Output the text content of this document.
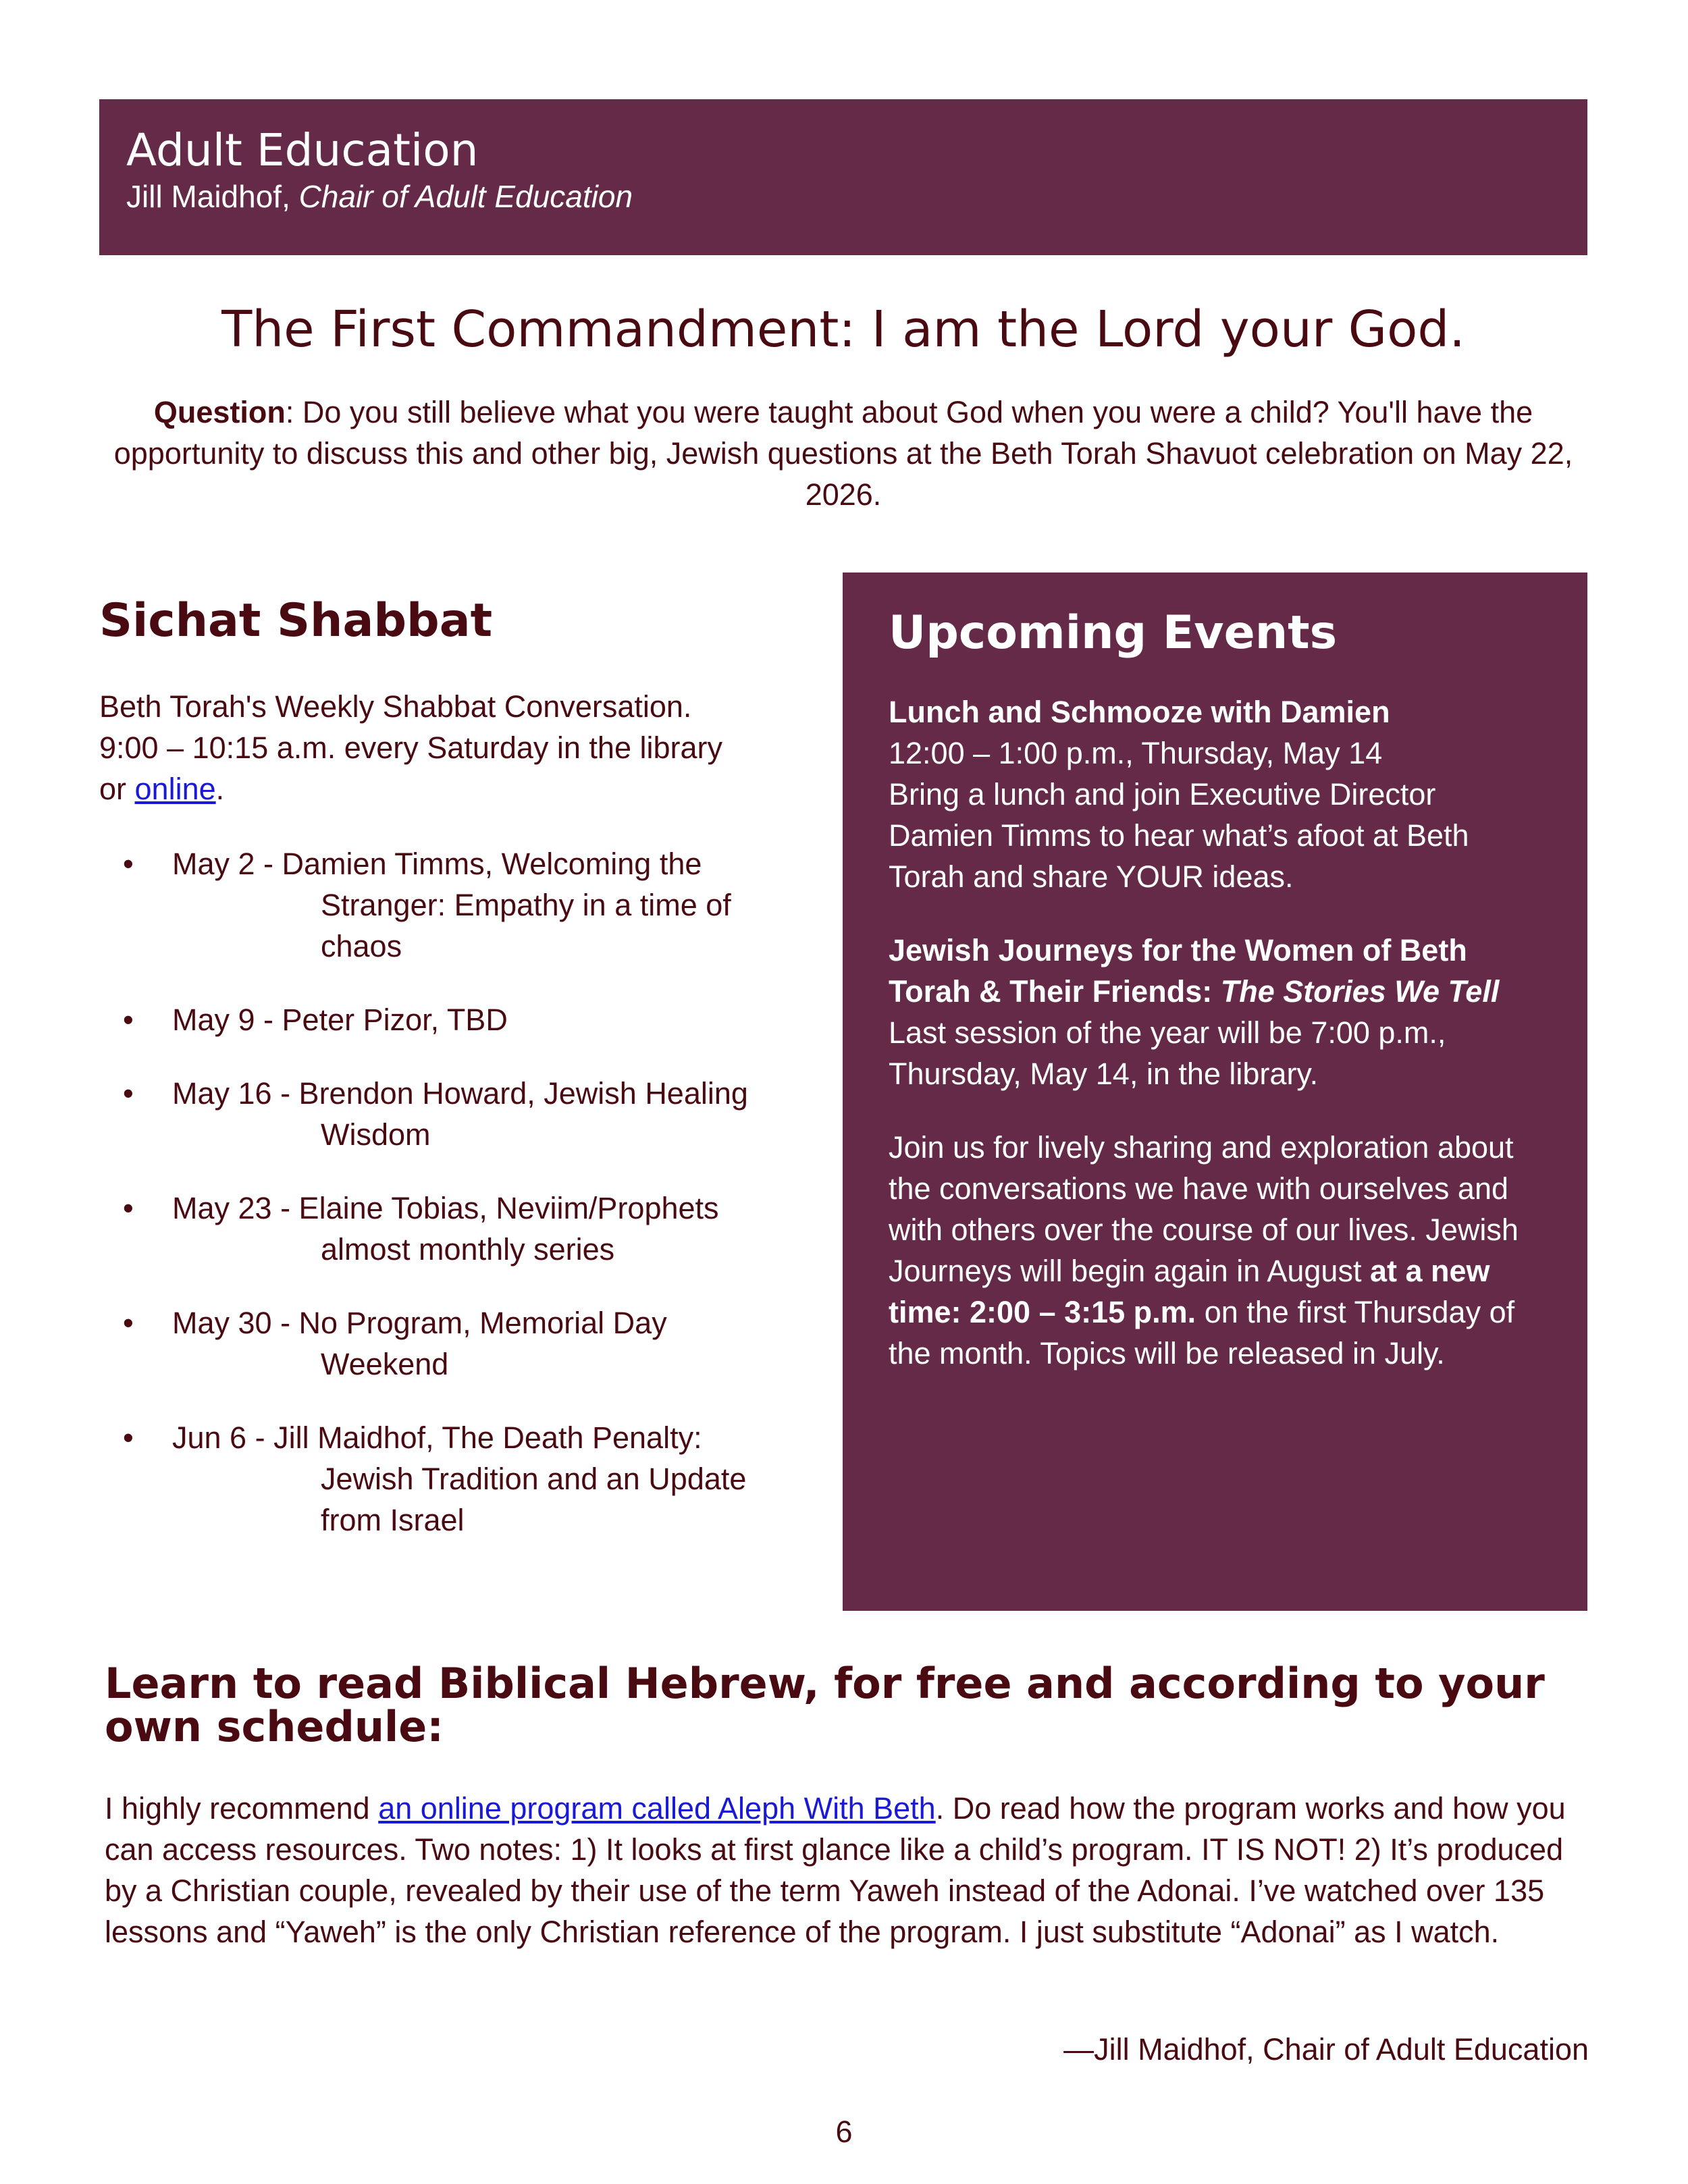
Adult Education
Jill Maidhof, Chair of Adult Education
The First Commandment: I am the Lord your God.
Question: Do you still believe what you were taught about God when you were a child? You'll have the opportunity to discuss this and other big, Jewish questions at the Beth Torah Shavuot celebration on May 22, 2026.
Sichat Shabbat
Beth Torah's Weekly Shabbat Conversation.
9:00 – 10:15 a.m. every Saturday in the library
or online.
• May 2 - Damien Timms, Welcoming the
Stranger: Empathy in a time of
chaos
• May 9 - Peter Pizor, TBD
• May 16 - Brendon Howard, Jewish Healing
Wisdom
• May 23 - Elaine Tobias, Neviim/Prophets
almost monthly series
• May 30 - No Program, Memorial Day
Weekend
• Jun 6 - Jill Maidhof, The Death Penalty:
Jewish Tradition and an Update
from Israel
Upcoming Events
Lunch and Schmooze with Damien
12:00 – 1:00 p.m., Thursday, May 14
Bring a lunch and join Executive Director Damien Timms to hear what’s afoot at Beth Torah and share YOUR ideas.
Jewish Journeys for the Women of Beth Torah & Their Friends: The Stories We Tell
Last session of the year will be 7:00 p.m., Thursday, May 14, in the library.
Join us for lively sharing and exploration about the conversations we have with ourselves and with others over the course of our lives. Jewish Journeys will begin again in August at a new time: 2:00 – 3:15 p.m. on the first Thursday of the month. Topics will be released in July.
Learn to read Biblical Hebrew, for free and according to your own schedule:
I highly recommend an online program called Aleph With Beth. Do read how the program works and how you can access resources. Two notes: 1) It looks at first glance like a child’s program. IT IS NOT! 2) It’s produced by a Christian couple, revealed by their use of the term Yaweh instead of the Adonai. I’ve watched over 135 lessons and “Yaweh” is the only Christian reference of the program. I just substitute “Adonai” as I watch.
—Jill Maidhof, Chair of Adult Education
6
